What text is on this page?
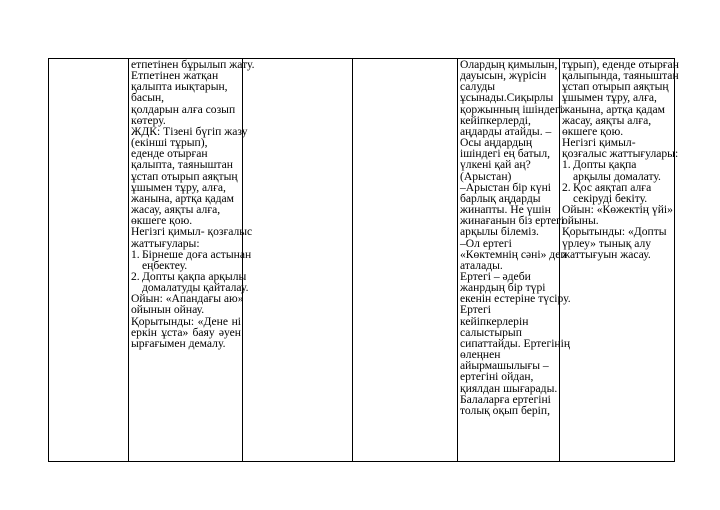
етпетінен бұрылып жату.
Етпетінен жатқан
қалыпта иықтарын,
басын,
қолдарын алға созып
көтеру.
ЖДК: Тізені бүгіп жазу
(екінші тұрып),
еденде отырған
қалыпта, таяныштан
ұстап отырып аяқтың
ұшымен тұру, алға,
жанына, артқа қадам
жасау, аяқты алға,
өкшеге қою.
Негізгі қимыл- қозғалыс
жаттығулары:
1. Бірнеше доға астынан
еңбектеу.
2. Допты қақпа арқылы
домалатуды қайталау.
Ойын: «Апандағы аю»
ойынын ойнау.
Қорытынды: «Дене ні
еркін ұста» баяу әуен
ырғағымен демалу.

Олардың қимылын,
дауысын, жүрісін
салуды
ұсынады.Сиқырлы
қоржынның ішіндегі
кейіпкерлерді,
аңдарды атайды. –
Осы аңдардың
ішіндегі ең батыл,
үлкені қай аң?
(Арыстан)
–Арыстан бір күні
барлық аңдарды
жинапты. Не үшін
жинағанын біз ертегі
арқылы білеміз.
–Ол ертегі
«Көктемнің сәні» деп
аталады.
Ертегі – әдеби
жанрдың бір түрі
екенін естеріне түсіру.
Ертегі
кейіпкерлерін
салыстырып
сипаттайды. Ертегінің
өлеңнен
айырмашылығы –
ертегіні ойдан,
қиялдан шығарады.
Балаларға ертегіні
толық оқып беріп,

тұрып), еденде отырған
қалыпында, таяныштан
ұстап отырып аяқтың
ұшымен тұру, алға,
жанына, артқа қадам
жасау, аяқты алға,
өкшеге қою.
Негізгі қимыл-
қозғалыс жаттығулары:
1. Допты қақпа
арқылы домалату.
2. Қос аяқтап алға
секіруді бекіту.
Ойын: «Көжектің үйі»
ойыны.
Қорытынды: «Допты
үрлеу» тынық алу
жаттығуын жасау.
